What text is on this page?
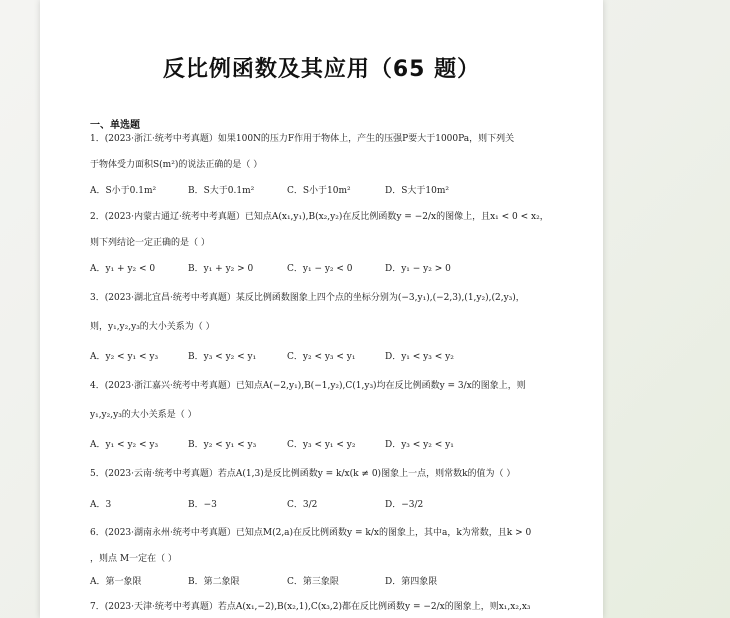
反比例函数及其应用（65 题）
一、单选题
1．(2023·浙江·统考中考真题）如果100N的压力F作用于物体上，产生的压强P要大于1000Pa，则下列关
于物体受力面积S(m²)的说法正确的是（ ）
A．S小于0.1m²	B．S大于0.1m²	C．S小于10m²	D．S大于10m²
2．(2023·内蒙古通辽·统考中考真题）已知点A(x₁,y₁),B(x₂,y₂)在反比例函数y = −2/x的图像上，且x₁ < 0 < x₂，
则下列结论一定正确的是（ ）
A．y₁ + y₂ < 0	B．y₁ + y₂ > 0	C．y₁ − y₂ < 0	D．y₁ − y₂ > 0
3．(2023·湖北宜昌·统考中考真题）某反比例函数图象上四个点的坐标分别为(−3,y₁),(−2,3),(1,y₂),(2,y₃)，
则，y₁,y₂,y₃的大小关系为（ ）
A．y₂ < y₁ < y₃	B．y₃ < y₂ < y₁	C．y₂ < y₃ < y₁	D．y₁ < y₃ < y₂
4．(2023·浙江嘉兴·统考中考真题）已知点A(−2,y₁),B(−1,y₂),C(1,y₃)均在反比例函数y = 3/x的图象上，则
y₁,y₂,y₃的大小关系是（ ）
A．y₁ < y₂ < y₃	B．y₂ < y₁ < y₃	C．y₃ < y₁ < y₂	D．y₃ < y₂ < y₁
5．(2023·云南·统考中考真题）若点A(1,3)是反比例函数y = k/x(k ≠ 0)图象上一点，则常数k的值为（ ）
A．3	B．−3	C．3/2	D．−3/2
6．(2023·湖南永州·统考中考真题）已知点M(2,a)在反比例函数y = k/x的图象上，其中a，k为常数，且k > 0
，则点 M一定在（ ）
A．第一象限	B．第二象限	C．第三象限	D．第四象限
7．(2023·天津·统考中考真题）若点A(x₁,−2),B(x₂,1),C(x₃,2)都在反比例函数y = −2/x的图象上，则x₁,x₂,x₃
